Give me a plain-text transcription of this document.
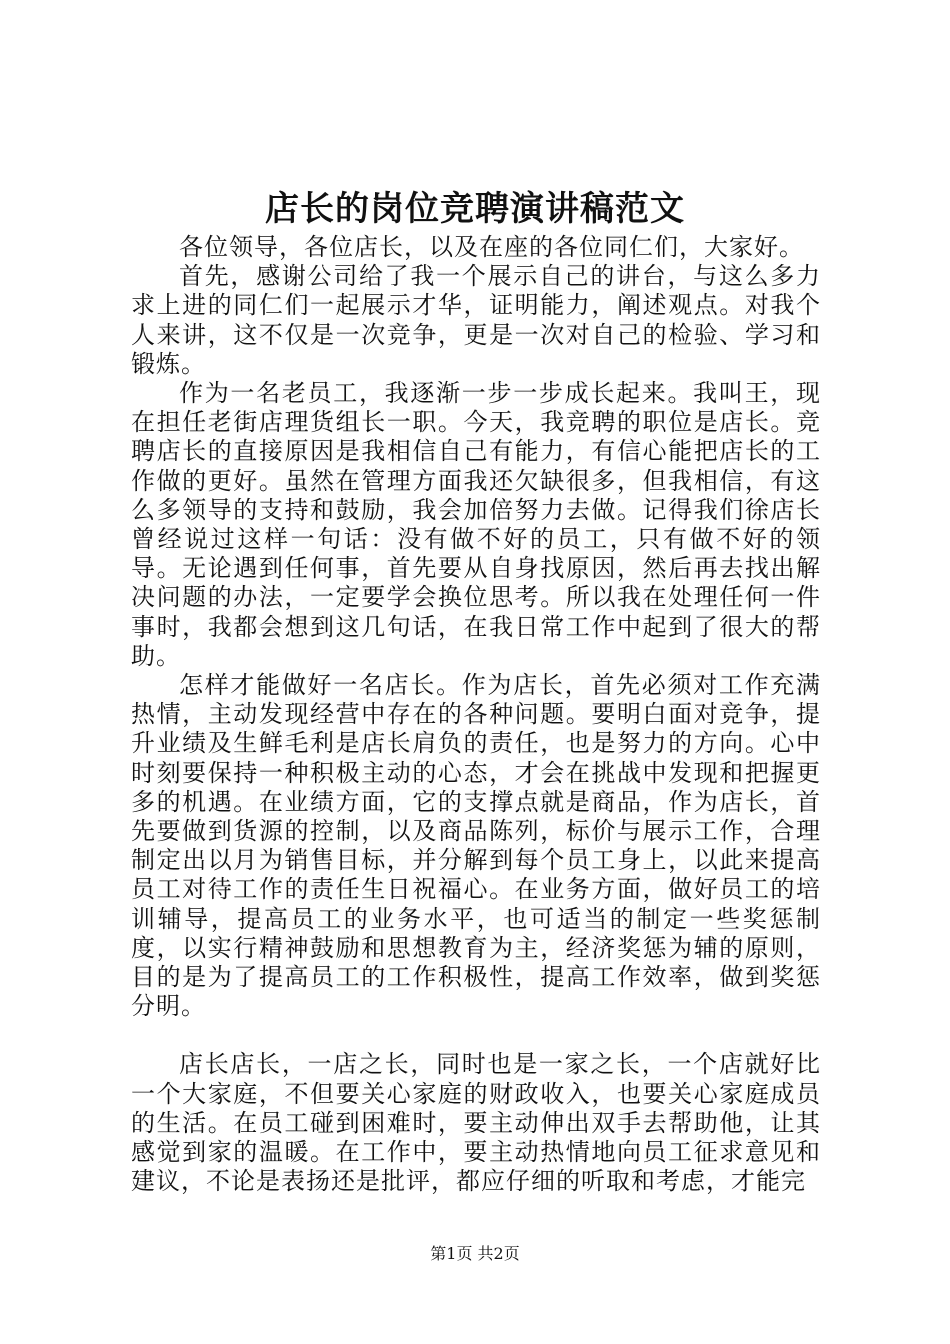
店长的岗位竞聘演讲稿范文

各位领导，各位店长，以及在座的各位同仁们，大家好。

首先，感谢公司给了我一个展示自己的讲台，与这么多力求上进的同仁们一起展示才华，证明能力，阐述观点。对我个人来讲，这不仅是一次竞争，更是一次对自己的检验、学习和锻炼。

作为一名老员工，我逐渐一步一步成长起来。我叫王，现在担任老街店理货组长一职。今天，我竞聘的职位是店长。竞聘店长的直接原因是我相信自己有能力，有信心能把店长的工作做的更好。虽然在管理方面我还欠缺很多，但我相信，有这么多领导的支持和鼓励，我会加倍努力去做。记得我们徐店长曾经说过这样一句话：没有做不好的员工，只有做不好的领导。无论遇到任何事，首先要从自身找原因，然后再去找出解决问题的办法，一定要学会换位思考。所以我在处理任何一件事时，我都会想到这几句话，在我日常工作中起到了很大的帮助。

怎样才能做好一名店长。作为店长，首先必须对工作充满热情，主动发现经营中存在的各种问题。要明白面对竞争，提升业绩及生鲜毛利是店长肩负的责任，也是努力的方向。心中时刻要保持一种积极主动的心态，才会在挑战中发现和把握更多的机遇。在业绩方面，它的支撑点就是商品，作为店长，首先要做到货源的控制，以及商品陈列，标价与展示工作，合理制定出以月为销售目标，并分解到每个员工身上，以此来提高员工对待工作的责任生日祝福心。在业务方面，做好员工的培训辅导，提高员工的业务水平，也可适当的制定一些奖惩制度，以实行精神鼓励和思想教育为主，经济奖惩为辅的原则，目的是为了提高员工的工作积极性，提高工作效率，做到奖惩分明。

店长店长，一店之长，同时也是一家之长，一个店就好比一个大家庭，不但要关心家庭的财政收入，也要关心家庭成员的生活。在员工碰到困难时，要主动伸出双手去帮助他，让其感觉到家的温暖。在工作中，要主动热情地向员工征求意见和建议，不论是表扬还是批评，都应仔细的听取和考虑，才能完

第1页 共2页
